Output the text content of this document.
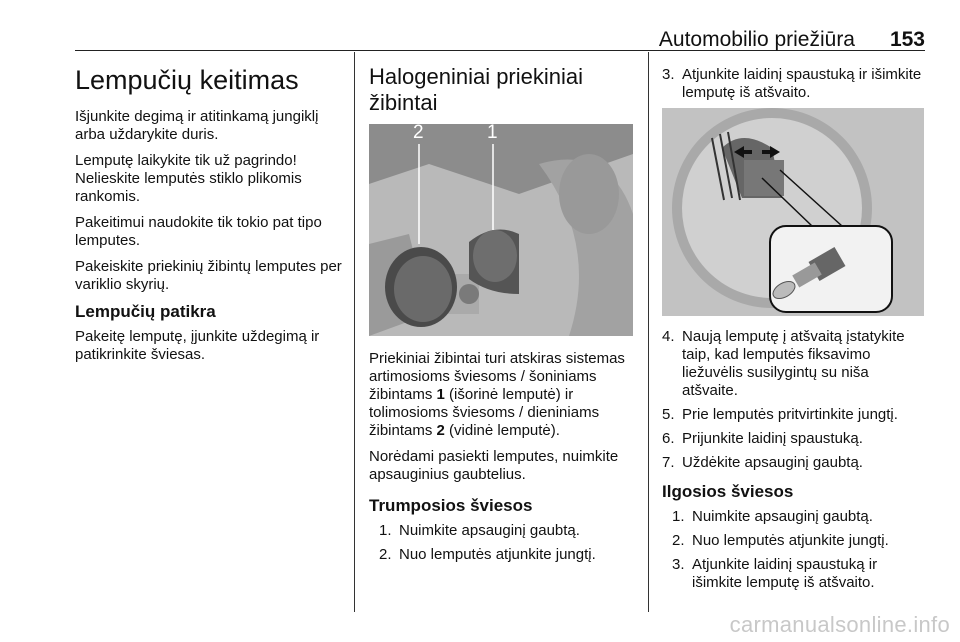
Automobilio priežiūra 153
Lempučių keitimas

Išjunkite degimą ir atitinkamą jungiklį arba uždarykite duris.

Lemputę laikykite tik už pagrindo! Nelieskite lemputės stiklo plikomis rankomis.

Pakeitimui naudokite tik tokio pat tipo lemputes.

Pakeiskite priekinių žibintų lemputes per variklio skyrių.

Lempučių patikra

Pakeitę lemputę, įjunkite uždegimą ir patikrinkite šviesas.

Halogeniniai priekiniai žibintai
2	1

Priekiniai žibintai turi atskiras sistemas artimosioms šviesoms / šoniniams žibintams 1 (išorinė lemputė) ir tolimosioms šviesoms / dieniniams žibintams 2 (vidinė lemputė).

Norėdami pasiekti lemputes, nuimkite apsauginius gaubtelius.

Trumposios šviesos
1. Nuimkite apsauginį gaubtą.
2. Nuo lemputės atjunkite jungtį.
3. Atjunkite laidinį spaustuką ir išimkite lemputę iš atšvaito.
4. Naują lemputę į atšvaitą įstatykite taip, kad lemputės fiksavimo liežuvėlis susilygintų su niša atšvaite.
5. Prie lemputės pritvirtinkite jungtį.
6. Prijunkite laidinį spaustuką.
7. Uždėkite apsauginį gaubtą.
Ilgosios šviesos
1. Nuimkite apsauginį gaubtą.
2. Nuo lemputės atjunkite jungtį.
3. Atjunkite laidinį spaustuką ir išimkite lemputę iš atšvaito.
carmanualsonline.info
